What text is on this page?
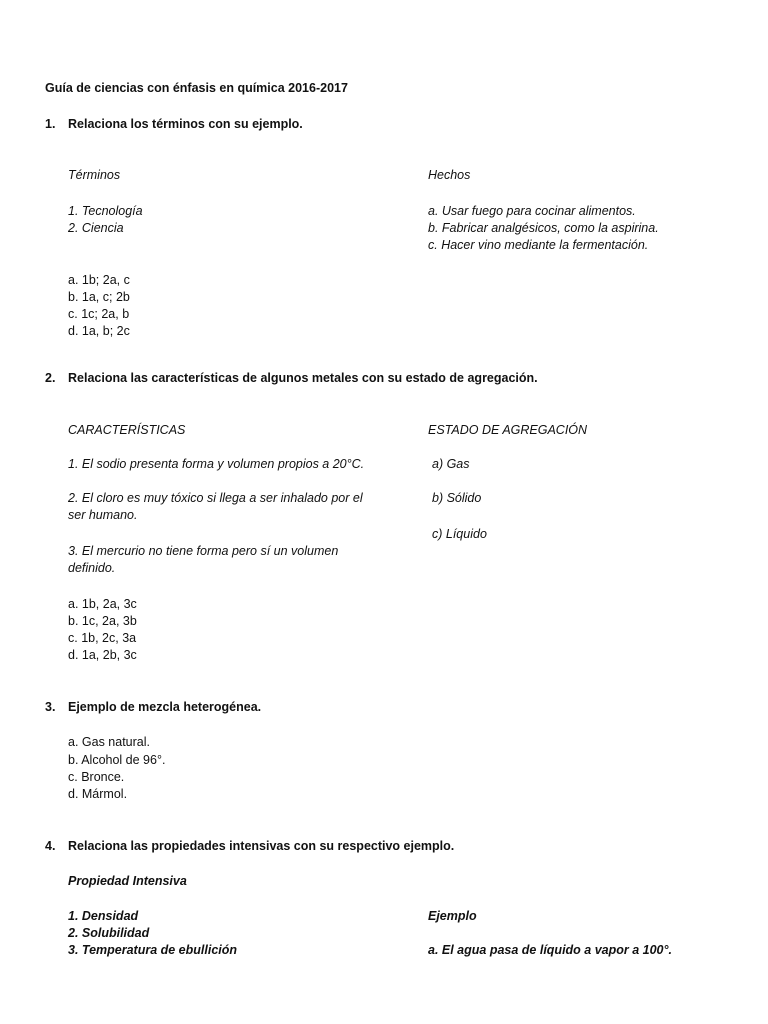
Guía de ciencias con énfasis en química 2016-2017
1. Relaciona los términos con su ejemplo.
Términos	Hechos
1. Tecnología
2. Ciencia
a. Usar fuego para cocinar alimentos.
b. Fabricar analgésicos, como la aspirina.
c. Hacer vino mediante la fermentación.
a. 1b; 2a, c
b. 1a, c; 2b
c. 1c; 2a, b
d. 1a, b; 2c
2. Relaciona las características de algunos metales con su estado de agregación.
CARACTERÍSTICAS	ESTADO DE AGREGACIÓN
1. El sodio presenta forma y volumen propios a 20°C.
2. El cloro es muy tóxico si llega a ser inhalado por el ser humano.
3. El mercurio no tiene forma pero sí un volumen definido.
a) Gas
b) Sólido
c) Líquido
a. 1b, 2a, 3c
b. 1c, 2a, 3b
c. 1b, 2c, 3a
d. 1a, 2b, 3c
3. Ejemplo de mezcla heterogénea.
a. Gas natural.
b. Alcohol de 96°.
c. Bronce.
d. Mármol.
4. Relaciona las propiedades intensivas con su respectivo ejemplo.
Propiedad Intensiva
1. Densidad
2. Solubilidad
3. Temperatura de ebullición
Ejemplo
a. El agua pasa de líquido a vapor a 100°.
